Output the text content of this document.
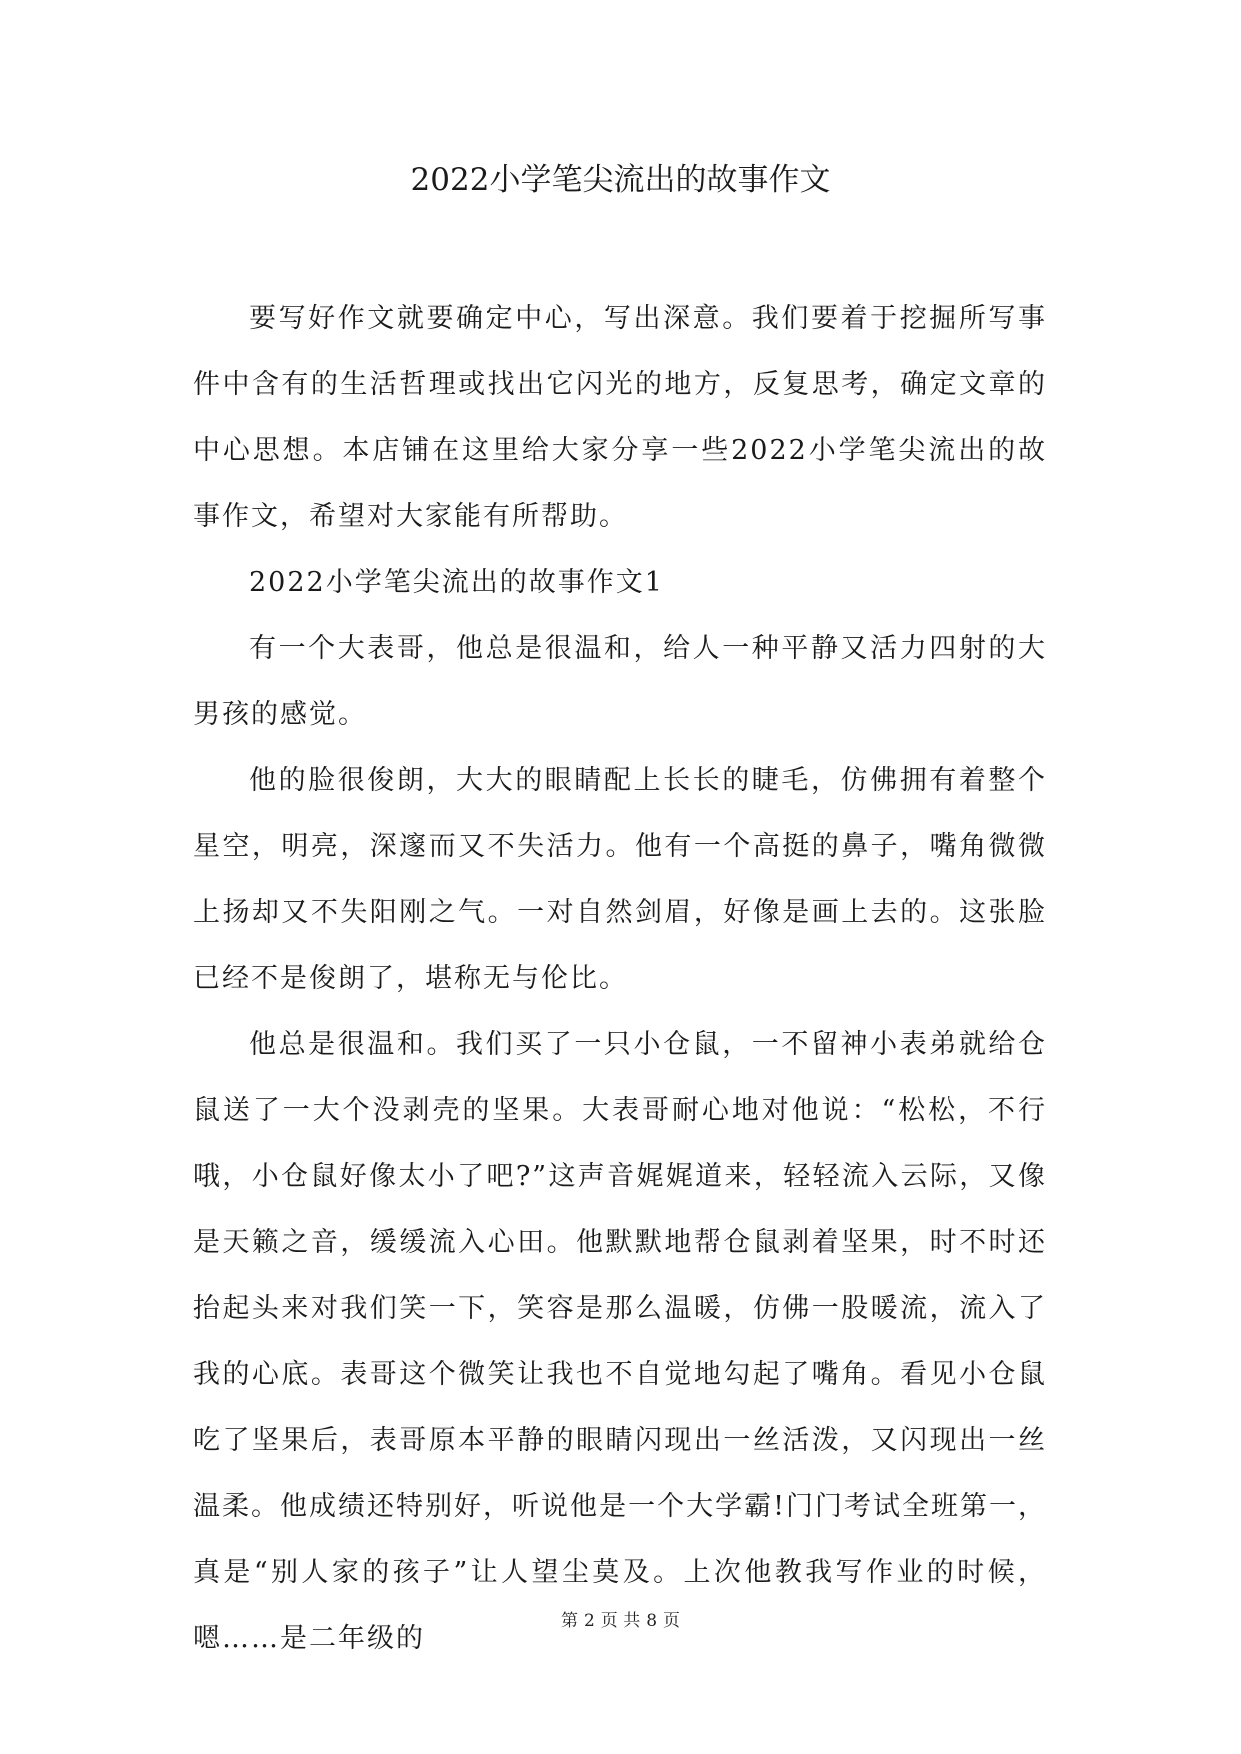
2022小学笔尖流出的故事作文

要写好作文就要确定中心，写出深意。我们要着于挖掘所写事件中含有的生活哲理或找出它闪光的地方，反复思考，确定文章的中心思想。本店铺在这里给大家分享一些2022小学笔尖流出的故事作文，希望对大家能有所帮助。

2022小学笔尖流出的故事作文1

有一个大表哥，他总是很温和，给人一种平静又活力四射的大男孩的感觉。

他的脸很俊朗，大大的眼睛配上长长的睫毛，仿佛拥有着整个星空，明亮，深邃而又不失活力。他有一个高挺的鼻子，嘴角微微上扬却又不失阳刚之气。一对自然剑眉，好像是画上去的。这张脸已经不是俊朗了，堪称无与伦比。

他总是很温和。我们买了一只小仓鼠，一不留神小表弟就给仓鼠送了一大个没剥壳的坚果。大表哥耐心地对他说：“松松，不行哦，小仓鼠好像太小了吧?”这声音娓娓道来，轻轻流入云际，又像是天籁之音，缓缓流入心田。他默默地帮仓鼠剥着坚果，时不时还抬起头来对我们笑一下，笑容是那么温暖，仿佛一股暖流，流入了我的心底。表哥这个微笑让我也不自觉地勾起了嘴角。看见小仓鼠吃了坚果后，表哥原本平静的眼睛闪现出一丝活泼，又闪现出一丝温柔。他成绩还特别好，听说他是一个大学霸!门门考试全班第一，真是“别人家的孩子”让人望尘莫及。上次他教我写作业的时候，嗯……是二年级的

第 2 页 共 8 页
